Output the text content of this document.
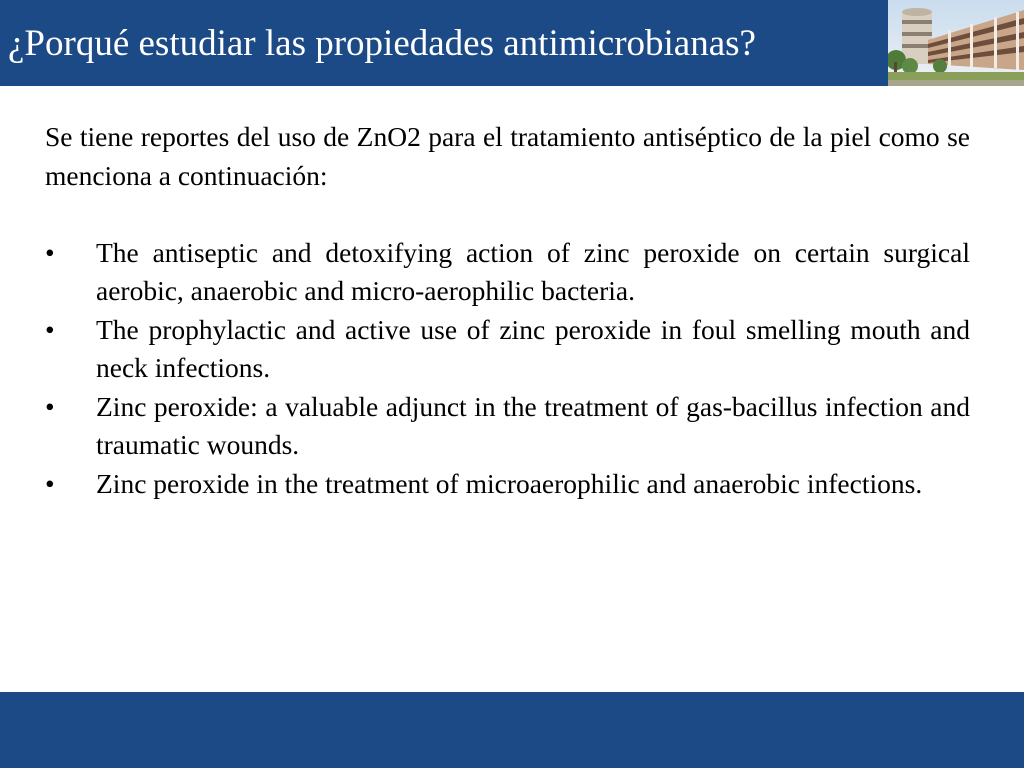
¿Porqué estudiar las propiedades antimicrobianas?

Se tiene reportes del uso de ZnO2 para el tratamiento antiséptico de la piel como se menciona a continuación:

•	The antiseptic and detoxifying action of zinc peroxide on certain surgical aerobic, anaerobic and micro-aerophilic bacteria.
•	The prophylactic and active use of zinc peroxide in foul smelling mouth and neck infections.
•	Zinc peroxide: a valuable adjunct in the treatment of gas-bacillus infection and traumatic wounds.
•	Zinc peroxide in the treatment of microaerophilic and anaerobic infections.
